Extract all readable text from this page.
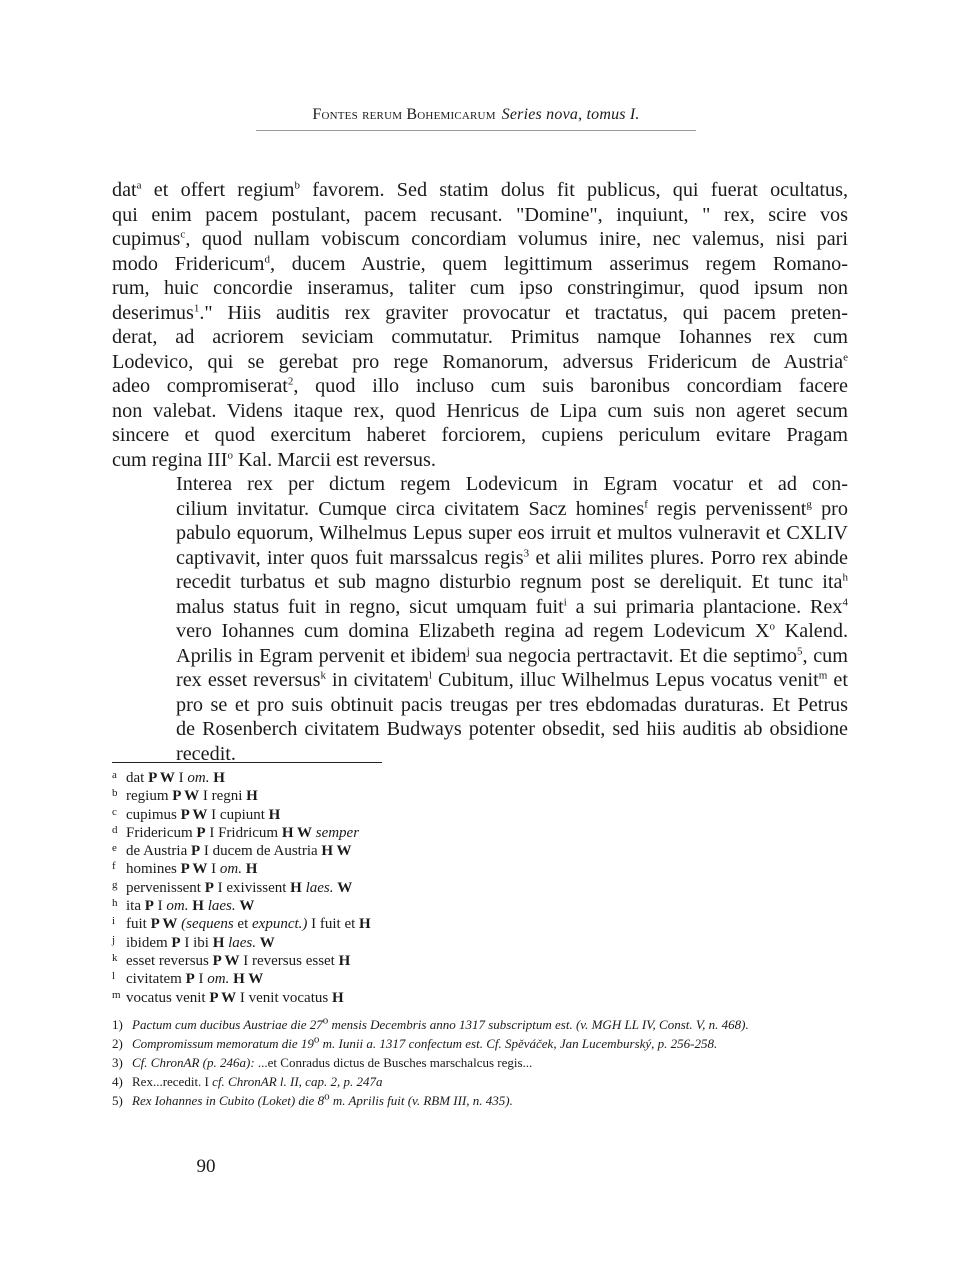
Fontes rerum Bohemicarum Series nova, tomus I.

dat$^a$ et offert regium$^b$ favorem. Sed statim dolus fit publicus, qui fuerat ocultatus,
qui enim pacem postulant, pacem recusant. "Domine", inquiunt, " rex, scire vos
cupimus$^c$, quod nullam vobiscum concordiam volumus inire, nec valemus, nisi pari
modo Fridericum$^d$, ducem Austrie, quem legittimum asserimus regem Romano-
rum, huic concordie inseramus, taliter cum ipso constringimur, quod ipsum non
deserimus$^1$." Hiis auditis rex graviter provocatur et tractatus, qui pacem preten-
derat, ad acriorem seviciam commutatur. Primitus namque Iohannes rex cum
Lodevico, qui se gerebat pro rege Romanorum, adversus Fridericum de Austria$^e$
adeo compromiserat$^2$, quod illo incluso cum suis baronibus concordiam facere
non valebat. Videns itaque rex, quod Henricus de Lipa cum suis non ageret secum
sincere et quod exercitum haberet forciorem, cupiens periculum evitare Pragam
cum regina III$^o$ Kal. Marcii est reversus.

Interea rex per dictum regem Lodevicum in Egram vocatur et ad con-
cilium invitatur. Cumque circa civitatem Sacz homines$^f$ regis pervenissent$^g$ pro
pabulo equorum, Wilhelmus Lepus super eos irruit et multos vulneravit et CXLIV
captivavit, inter quos fuit marssalcus regis$^3$ et alii milites plures. Porro rex abinde
recedit turbatus et sub magno disturbio regnum post se dereliquit. Et tunc ita$^h$
malus status fuit in regno, sicut umquam fuit$^i$ a sui primaria plantacione. Rex$^4$
vero Iohannes cum domina Elizabeth regina ad regem Lodevicum $X^o$ Kalend.
Aprilis in Egram pervenit et ibidem$^j$ sua negocia pertractavit. Et die septimo$^5$, cum
rex esset reversus$^k$ in civitatem$^l$ Cubitum, illuc Wilhelmus Lepus vocatus venit$^m$ et
pro se et pro suis obtinuit pacis treugas per tres ebdomadas duraturas. Et Petrus
de Rosenberch civitatem Budways potenter obsedit, sed hiis auditis ab obsidione
recedit.

a dat P W I om. H
b regium P W I regni H
c cupimus P W I cupiunt H
d Fridericum P I Fridricum H W semper
e de Austria P I ducem de Austria H W
f homines P W I om. H
g pervenissent P I exivissent H laes. W
h ita P I om. H laes. W
i fuit P W (sequens et expunct.) I fuit et H
j ibidem P I ibi H laes. W
k esset reversus P W I reversus esset H
l civitatem P I om. H W
m vocatus venit P W I venit vocatus H
1) Pactum cum ducibus Austriae die 27$^o$ mensis Decembris anno 1317 subscriptum est. (v. MGH LL IV, Const. V, n. 468).
2) Compromissum memoratum die 19$^o$ m. Iunii a. 1317 confectum est. Cf. Spěváček, Jan Lucemburský, p. 256-258.
3) Cf. ChronAR (p. 246a): ...et Conradus dictus de Busches marschalcus regis...
4) Rex...recedit. I cf. ChronAR l. II, cap. 2, p. 247a
5) Rex Iohannes in Cubito (Loket) die 8$^o$ m. Aprilis fuit (v. RBM III, n. 435).
90
